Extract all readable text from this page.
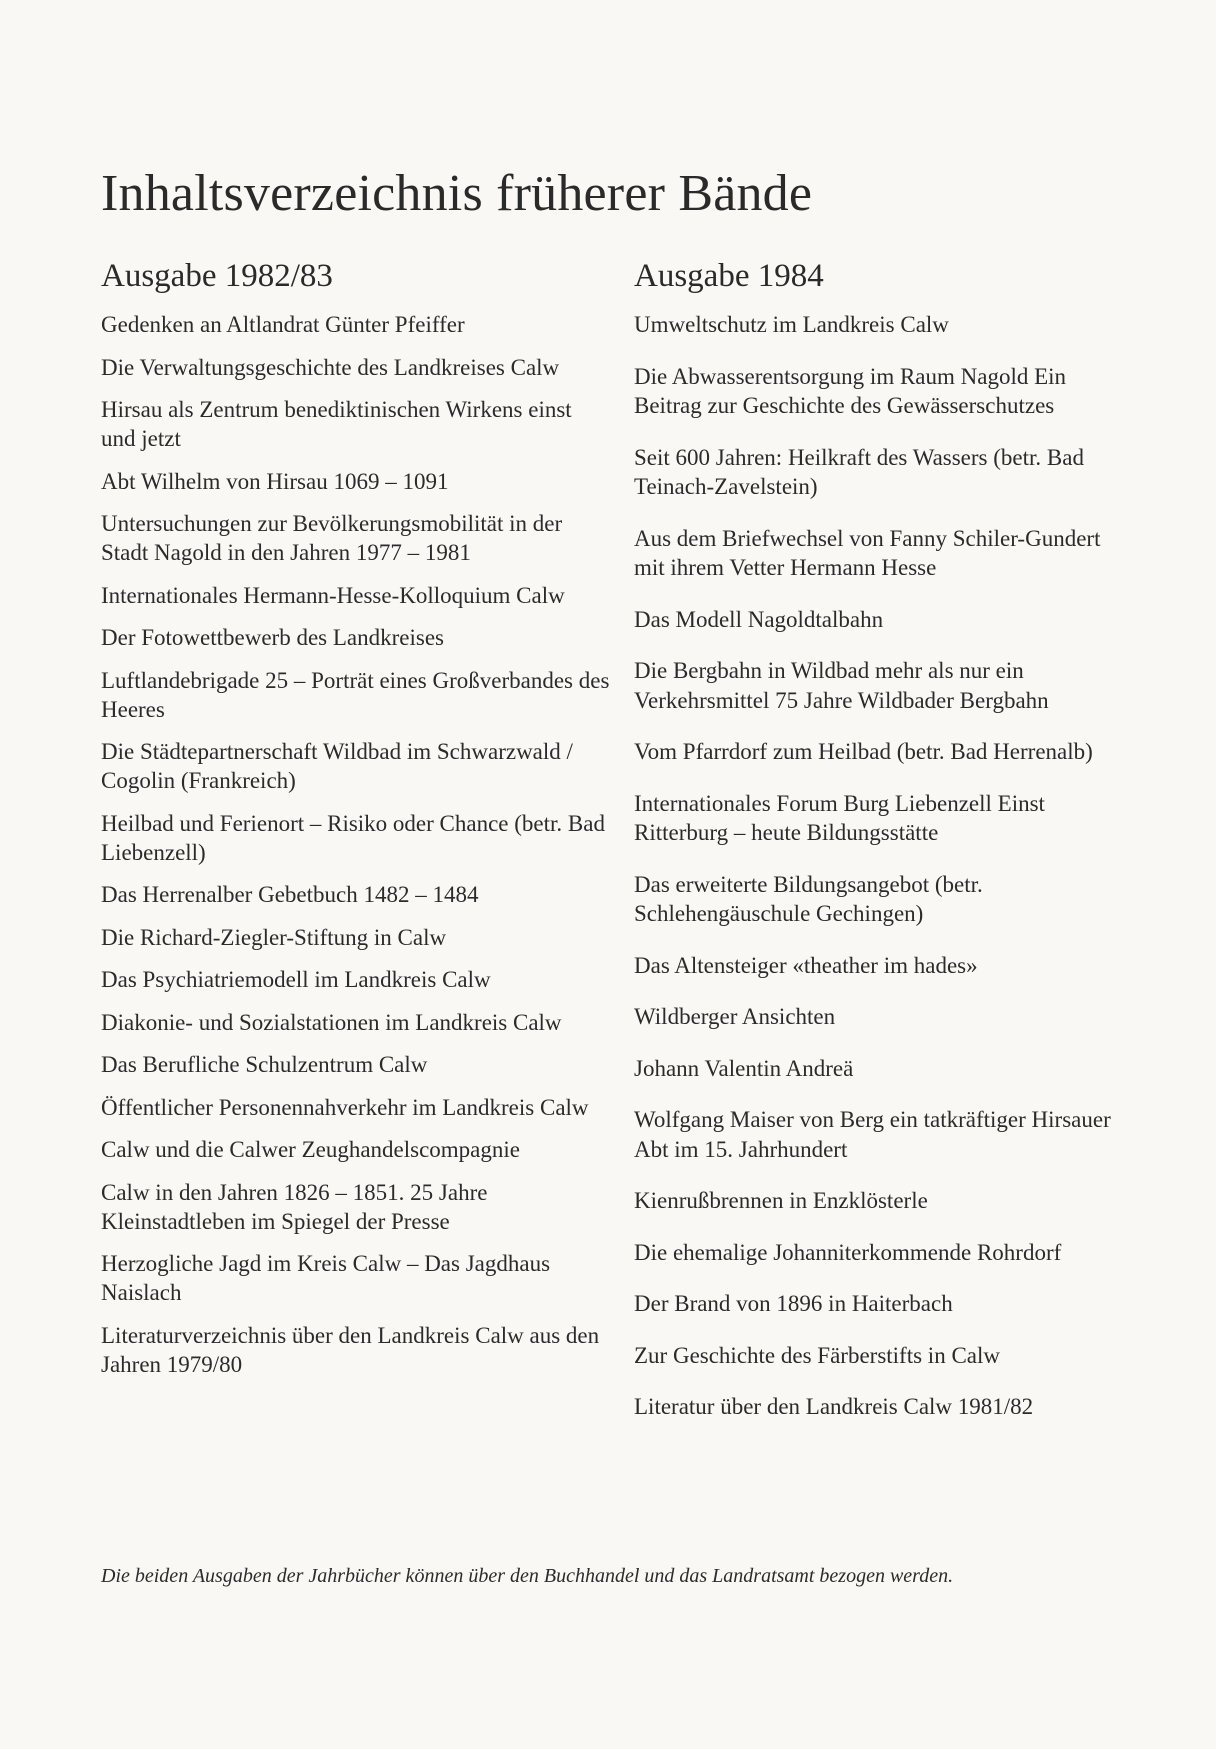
Inhaltsverzeichnis früherer Bände
Ausgabe 1982/83
Gedenken an Altlandrat Günter Pfeiffer
Die Verwaltungsgeschichte des Landkreises Calw
Hirsau als Zentrum benediktinischen Wirkens einst und jetzt
Abt Wilhelm von Hirsau 1069 – 1091
Untersuchungen zur Bevölkerungsmobilität in der Stadt Nagold in den Jahren 1977 – 1981
Internationales Hermann-Hesse-Kolloquium Calw
Der Fotowettbewerb des Landkreises
Luftlandebrigade 25 – Porträt eines Großverbandes des Heeres
Die Städtepartnerschaft Wildbad im Schwarzwald / Cogolin (Frankreich)
Heilbad und Ferienort – Risiko oder Chance (betr. Bad Liebenzell)
Das Herrenalber Gebetbuch 1482 – 1484
Die Richard-Ziegler-Stiftung in Calw
Das Psychiatriemodell im Landkreis Calw
Diakonie- und Sozialstationen im Landkreis Calw
Das Berufliche Schulzentrum Calw
Öffentlicher Personennahverkehr im Landkreis Calw
Calw und die Calwer Zeughandelscompagnie
Calw in den Jahren 1826 – 1851. 25 Jahre Kleinstadtleben im Spiegel der Presse
Herzogliche Jagd im Kreis Calw – Das Jagdhaus Naislach
Literaturverzeichnis über den Landkreis Calw aus den Jahren 1979/80
Ausgabe 1984
Umweltschutz im Landkreis Calw
Die Abwasserentsorgung im Raum Nagold Ein Beitrag zur Geschichte des Gewässerschutzes
Seit 600 Jahren: Heilkraft des Wassers (betr. Bad Teinach-Zavelstein)
Aus dem Briefwechsel von Fanny Schiler-Gundert mit ihrem Vetter Hermann Hesse
Das Modell Nagoldtalbahn
Die Bergbahn in Wildbad mehr als nur ein Verkehrsmittel 75 Jahre Wildbader Bergbahn
Vom Pfarrdorf zum Heilbad (betr. Bad Herrenalb)
Internationales Forum Burg Liebenzell Einst Ritterburg – heute Bildungsstätte
Das erweiterte Bildungsangebot (betr. Schlehengäuschule Gechingen)
Das Altensteiger «theather im hades»
Wildberger Ansichten
Johann Valentin Andreä
Wolfgang Maiser von Berg ein tatkräftiger Hirsauer Abt im 15. Jahrhundert
Kienrußbrennen in Enzklösterle
Die ehemalige Johanniterkommende Rohrdorf
Der Brand von 1896 in Haiterbach
Zur Geschichte des Färberstifts in Calw
Literatur über den Landkreis Calw 1981/82

Die beiden Ausgaben der Jahrbücher können über den Buchhandel und das Landratsamt bezogen werden.
